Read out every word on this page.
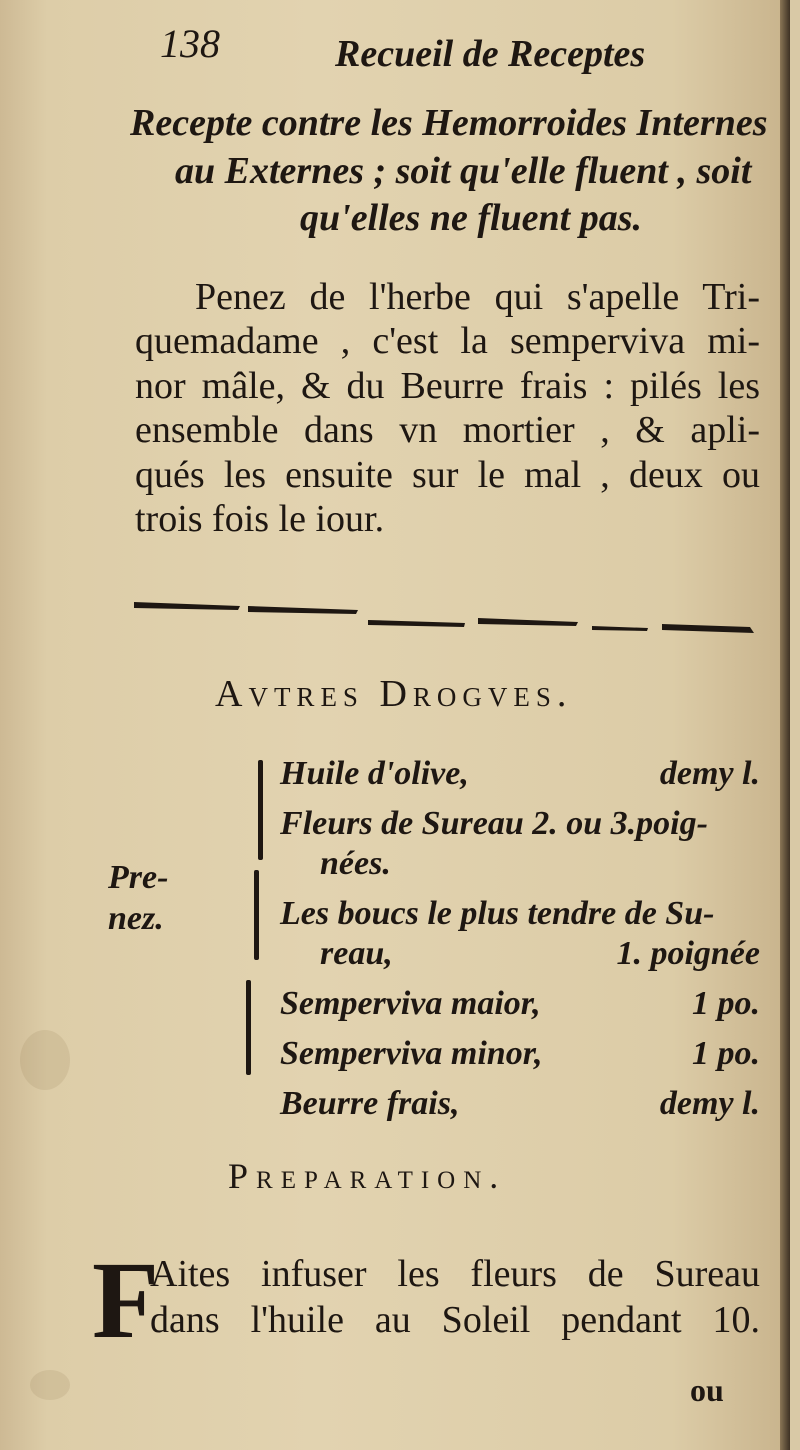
138	Recueil de Receptes
Recepte contre les Hemorroides Internes
au Externes ; soit qu'elle fluent , soit
qu'elles ne fluent pas.
Penez de l'herbe qui s'apelle Tri-
quemadame , c'est la semperviva mi-
nor mâle, & du Beurre frais : pilés les
ensemble dans vn mortier , & apli-
qués les ensuite sur le mal , deux ou
trois fois le iour.
Avtres Drogves.
Pre-
nez.
Huile d'olive,	demy l.
Fleurs de Sureau 2. ou 3.poig-
nées.
Les boucs le plus tendre de Su-
reau,	1. poignée
Semperviva maior,	1 po.
Semperviva minor,	1 po.
Beurre frais,	demy l.
Preparation.
F
Aites infuser les fleurs de Sureau
dans l'huile au Soleil pendant 10.
ou
